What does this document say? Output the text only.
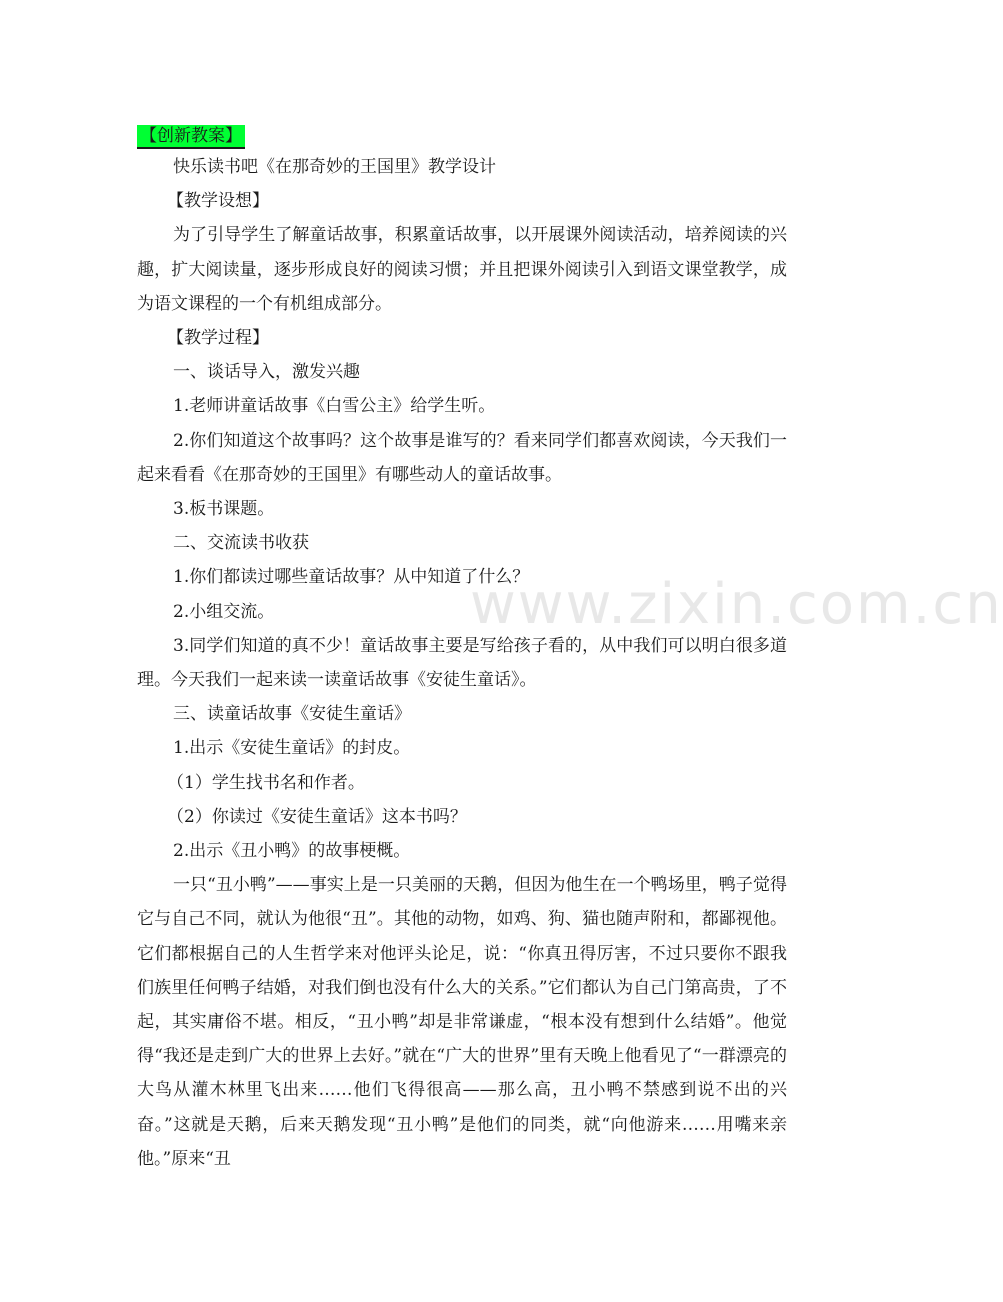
【创新教案】
快乐读书吧《在那奇妙的王国里》教学设计
【教学设想】
为了引导学生了解童话故事，积累童话故事，以开展课外阅读活动，培养阅读的兴趣，扩大阅读量，逐步形成良好的阅读习惯；并且把课外阅读引入到语文课堂教学，成为语文课程的一个有机组成部分。
【教学过程】
一、谈话导入，激发兴趣
1.老师讲童话故事《白雪公主》给学生听。
2.你们知道这个故事吗？这个故事是谁写的？看来同学们都喜欢阅读，今天我们一起来看看《在那奇妙的王国里》有哪些动人的童话故事。
3.板书课题。
二、交流读书收获
1.你们都读过哪些童话故事？从中知道了什么？
2.小组交流。
3.同学们知道的真不少！童话故事主要是写给孩子看的，从中我们可以明白很多道理。今天我们一起来读一读童话故事《安徒生童话》。
三、读童话故事《安徒生童话》
1.出示《安徒生童话》的封皮。
（1）学生找书名和作者。
（2）你读过《安徒生童话》这本书吗？
2.出示《丑小鸭》的故事梗概。
一只“丑小鸭”——事实上是一只美丽的天鹅，但因为他生在一个鸭场里，鸭子觉得它与自己不同，就认为他很“丑”。其他的动物，如鸡、狗、猫也随声附和，都鄙视他。它们都根据自己的人生哲学来对他评头论足，说：“你真丑得厉害，不过只要你不跟我们族里任何鸭子结婚，对我们倒也没有什么大的关系。”它们都认为自己门第高贵，了不起，其实庸俗不堪。相反，“丑小鸭”却是非常谦虚，“根本没有想到什么结婚”。他觉得“我还是走到广大的世界上去好。”就在“广大的世界”里有天晚上他看见了“一群漂亮的大鸟从灌木林里飞出来……他们飞得很高——那么高，丑小鸭不禁感到说不出的兴奋。”这就是天鹅，后来天鹅发现“丑小鸭”是他们的同类，就“向他游来……用嘴来亲他。”原来“丑
www.zixin.com.cn
